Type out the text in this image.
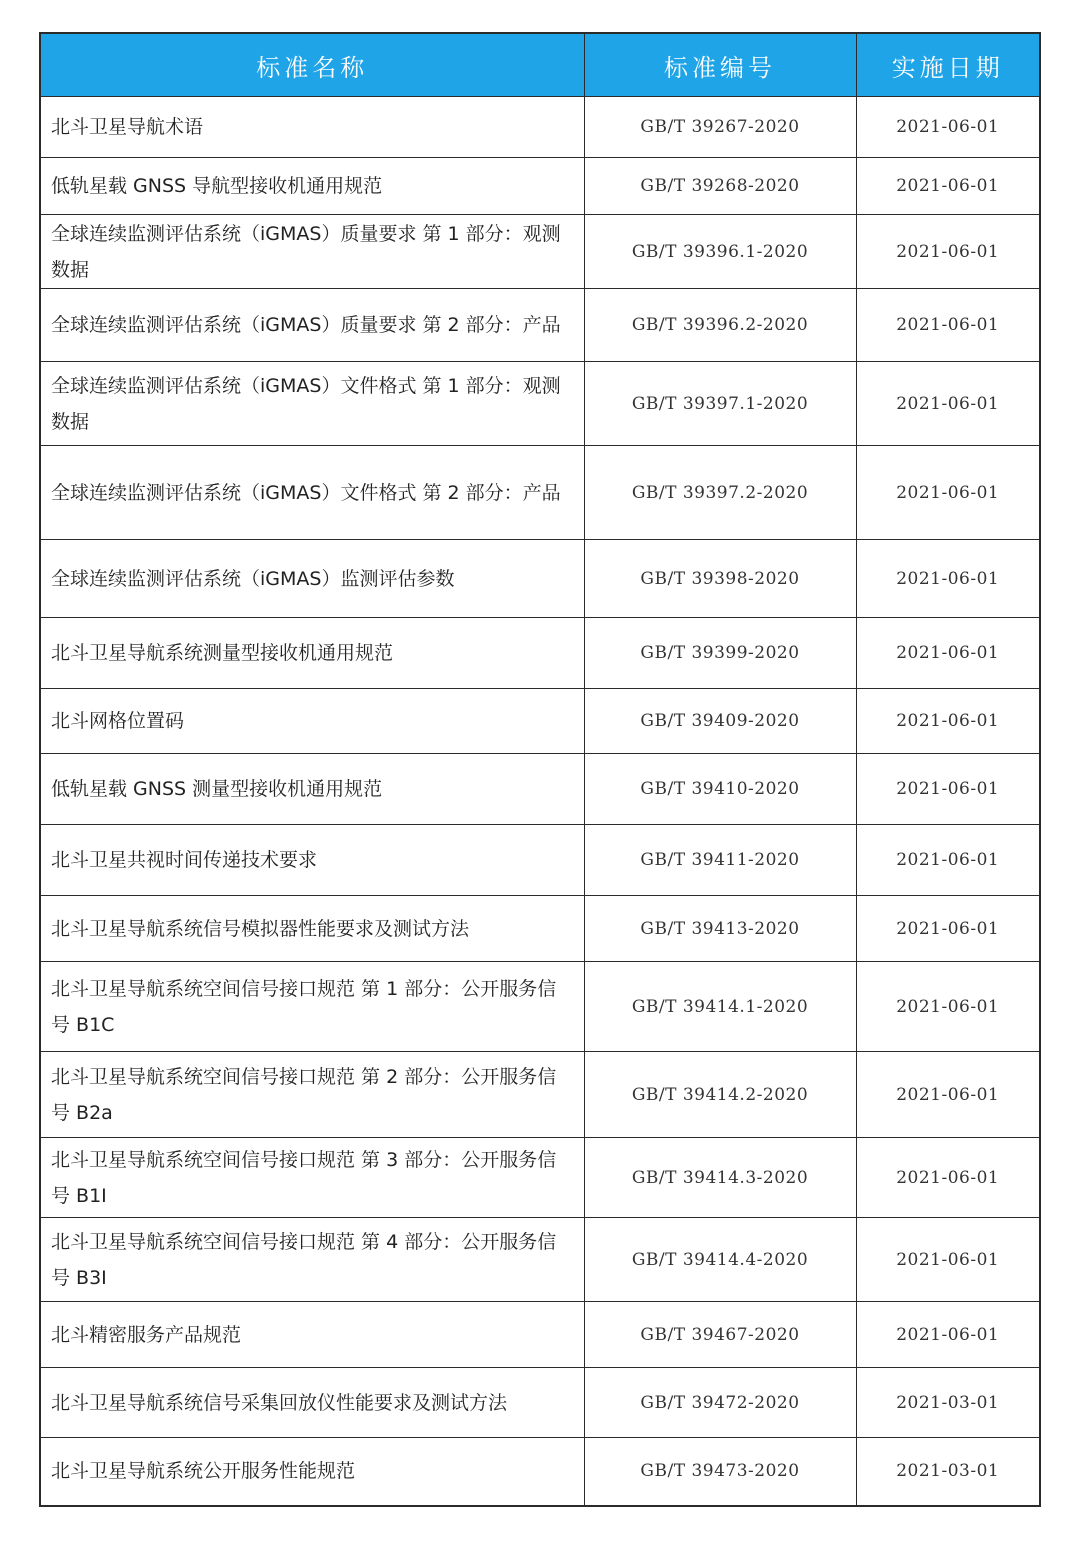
标准名称	标准编号	实施日期
北斗卫星导航术语	GB/T 39267-2020	2021-06-01
低轨星载 GNSS 导航型接收机通用规范	GB/T 39268-2020	2021-06-01
全球连续监测评估系统（iGMAS）质量要求 第 1 部分：观测数据	GB/T 39396.1-2020	2021-06-01
全球连续监测评估系统（iGMAS）质量要求 第 2 部分：产品	GB/T 39396.2-2020	2021-06-01
全球连续监测评估系统（iGMAS）文件格式 第 1 部分：观测数据	GB/T 39397.1-2020	2021-06-01
全球连续监测评估系统（iGMAS）文件格式 第 2 部分：产品	GB/T 39397.2-2020	2021-06-01
全球连续监测评估系统（iGMAS）监测评估参数	GB/T 39398-2020	2021-06-01
北斗卫星导航系统测量型接收机通用规范	GB/T 39399-2020	2021-06-01
北斗网格位置码	GB/T 39409-2020	2021-06-01
低轨星载 GNSS 测量型接收机通用规范	GB/T 39410-2020	2021-06-01
北斗卫星共视时间传递技术要求	GB/T 39411-2020	2021-06-01
北斗卫星导航系统信号模拟器性能要求及测试方法	GB/T 39413-2020	2021-06-01
北斗卫星导航系统空间信号接口规范 第 1 部分：公开服务信号 B1C	GB/T 39414.1-2020	2021-06-01
北斗卫星导航系统空间信号接口规范 第 2 部分：公开服务信号 B2a	GB/T 39414.2-2020	2021-06-01
北斗卫星导航系统空间信号接口规范 第 3 部分：公开服务信号 B1I	GB/T 39414.3-2020	2021-06-01
北斗卫星导航系统空间信号接口规范 第 4 部分：公开服务信号 B3I	GB/T 39414.4-2020	2021-06-01
北斗精密服务产品规范	GB/T 39467-2020	2021-06-01
北斗卫星导航系统信号采集回放仪性能要求及测试方法	GB/T 39472-2020	2021-03-01
北斗卫星导航系统公开服务性能规范	GB/T 39473-2020	2021-03-01
